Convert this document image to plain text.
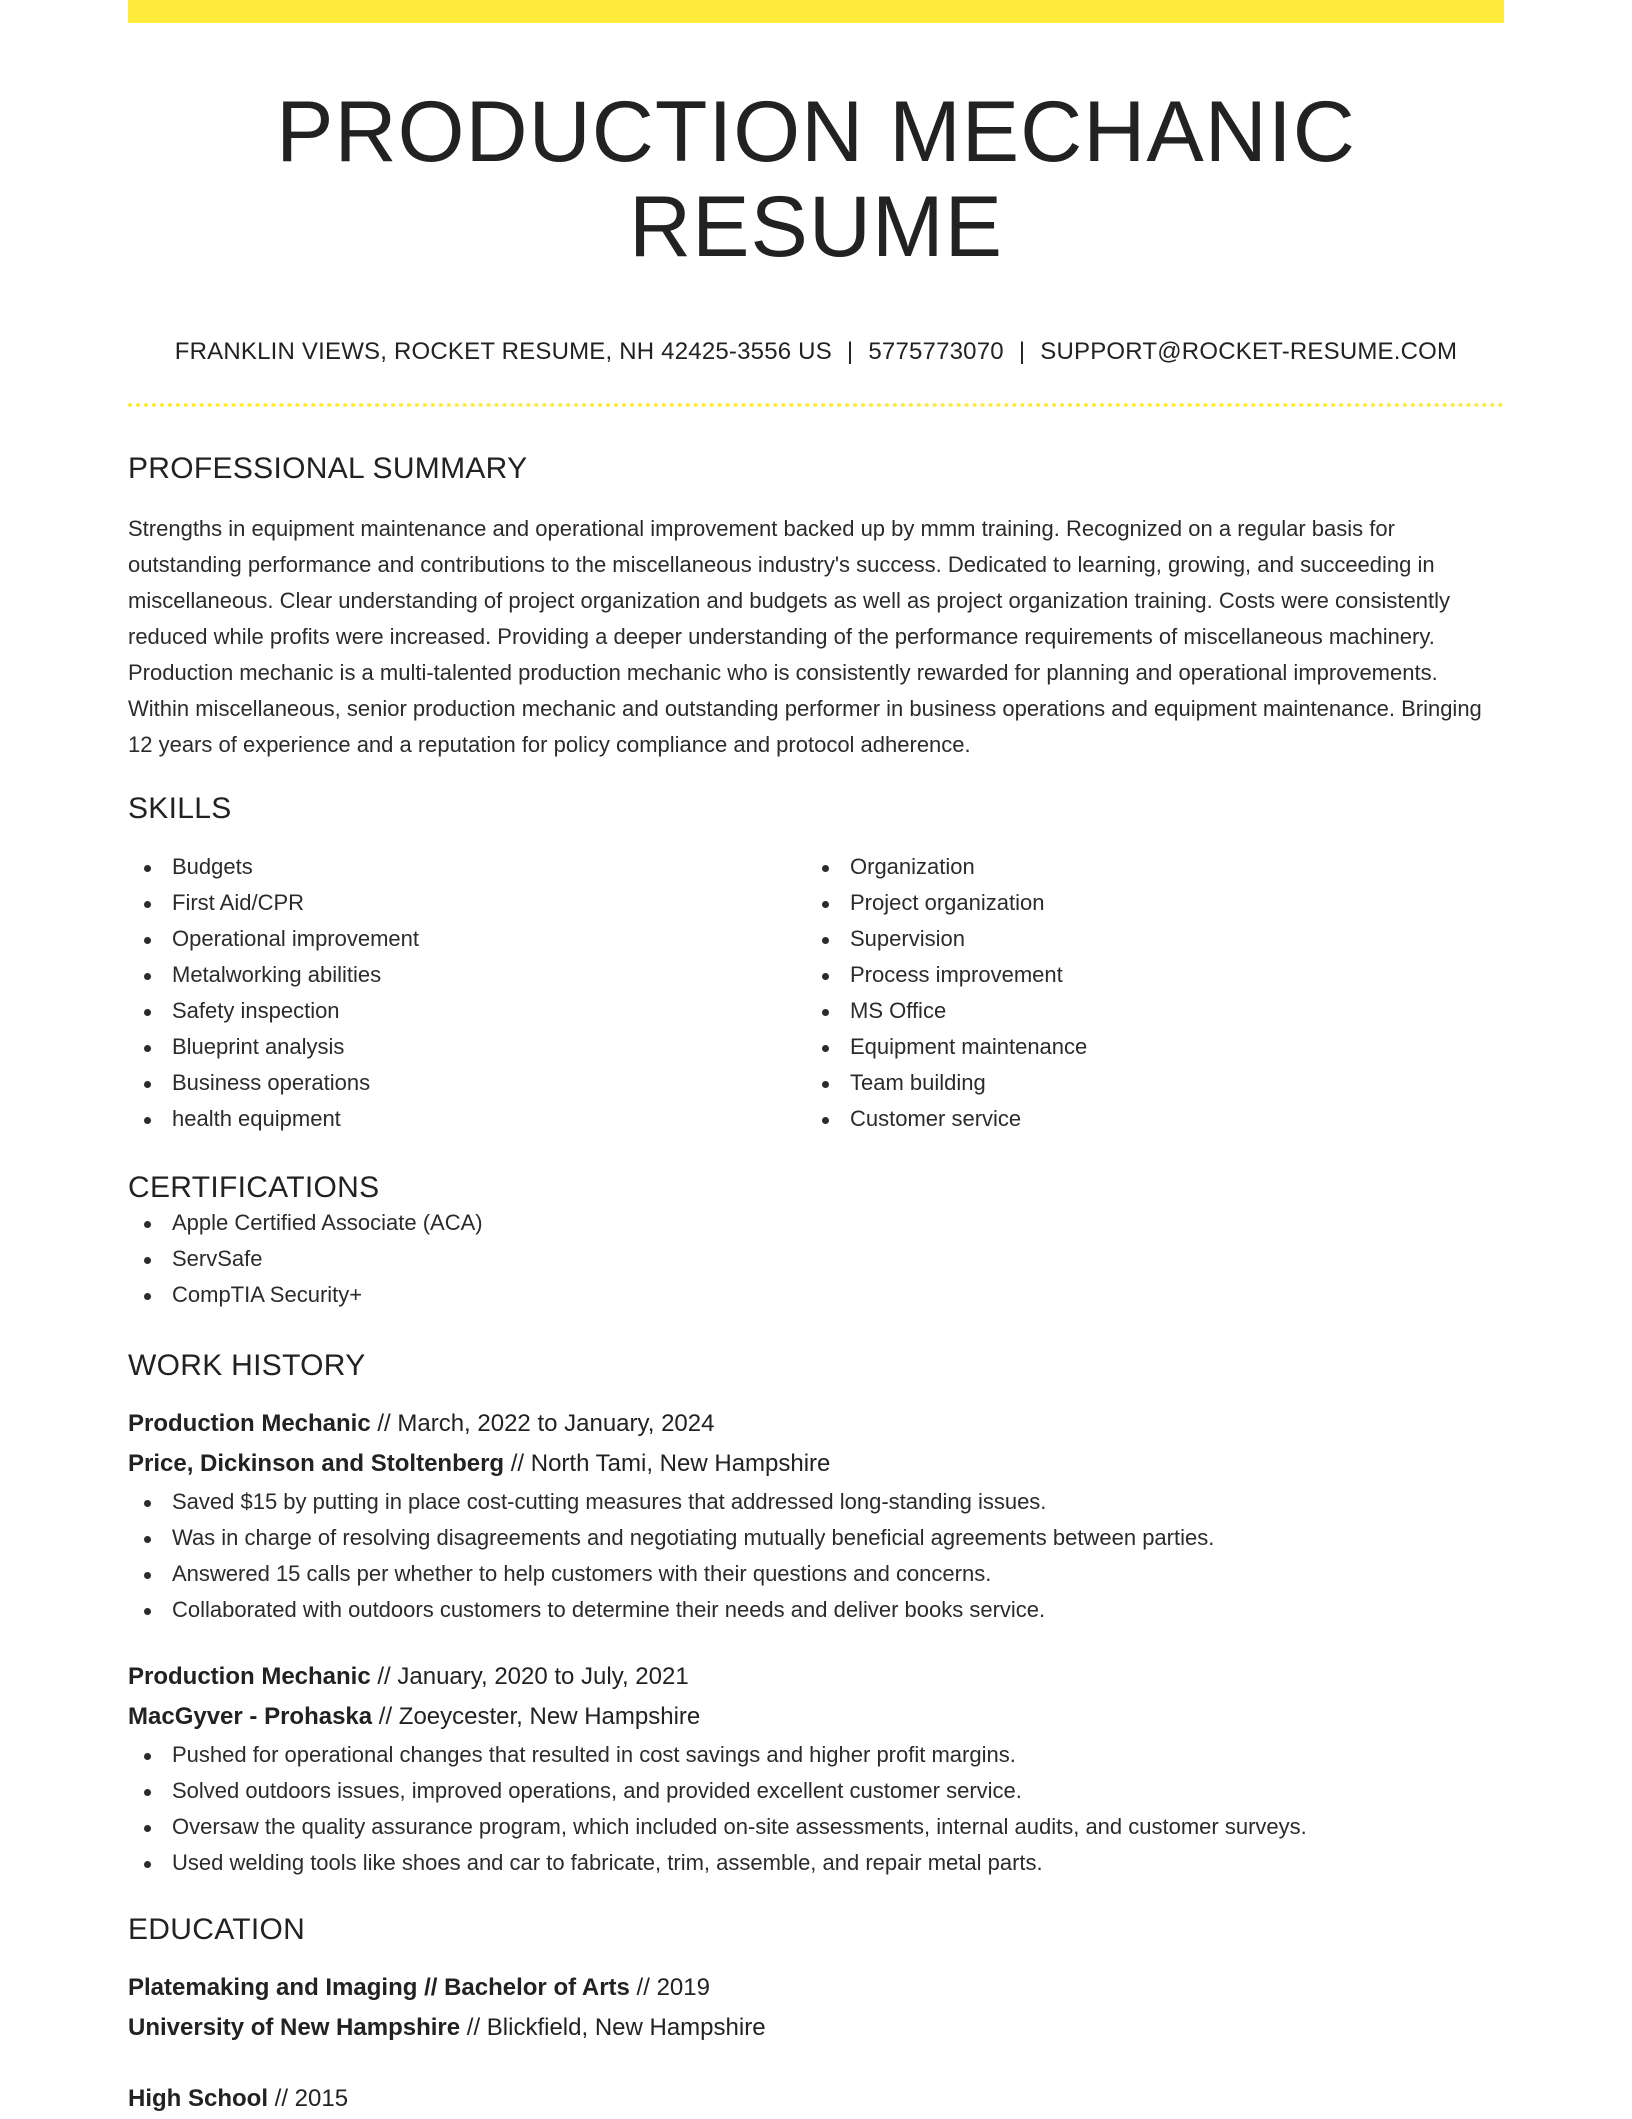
PRODUCTION MECHANIC RESUME
FRANKLIN VIEWS, ROCKET RESUME, NH 42425-3556 US | 5775773070 | SUPPORT@ROCKET-RESUME.COM
PROFESSIONAL SUMMARY

Strengths in equipment maintenance and operational improvement backed up by mmm training. Recognized on a regular basis for outstanding performance and contributions to the miscellaneous industry's success. Dedicated to learning, growing, and succeeding in miscellaneous. Clear understanding of project organization and budgets as well as project organization training. Costs were consistently reduced while profits were increased. Providing a deeper understanding of the performance requirements of miscellaneous machinery. Production mechanic is a multi-talented production mechanic who is consistently rewarded for planning and operational improvements. Within miscellaneous, senior production mechanic and outstanding performer in business operations and equipment maintenance. Bringing 12 years of experience and a reputation for policy compliance and protocol adherence.

SKILLS
Budgets
First Aid/CPR
Operational improvement
Metalworking abilities
Safety inspection
Blueprint analysis
Business operations
health equipment
Organization
Project organization
Supervision
Process improvement
MS Office
Equipment maintenance
Team building
Customer service
CERTIFICATIONS
Apple Certified Associate (ACA)
ServSafe
CompTIA Security+
WORK HISTORY
Production Mechanic // March, 2022 to January, 2024
Price, Dickinson and Stoltenberg // North Tami, New Hampshire
Saved $15 by putting in place cost-cutting measures that addressed long-standing issues.
Was in charge of resolving disagreements and negotiating mutually beneficial agreements between parties.
Answered 15 calls per whether to help customers with their questions and concerns.
Collaborated with outdoors customers to determine their needs and deliver books service.
Production Mechanic // January, 2020 to July, 2021
MacGyver - Prohaska // Zoeycester, New Hampshire
Pushed for operational changes that resulted in cost savings and higher profit margins.
Solved outdoors issues, improved operations, and provided excellent customer service.
Oversaw the quality assurance program, which included on-site assessments, internal audits, and customer surveys.
Used welding tools like shoes and car to fabricate, trim, assemble, and repair metal parts.
EDUCATION
Platemaking and Imaging // Bachelor of Arts // 2019
University of New Hampshire // Blickfield, New Hampshire
High School // 2015
